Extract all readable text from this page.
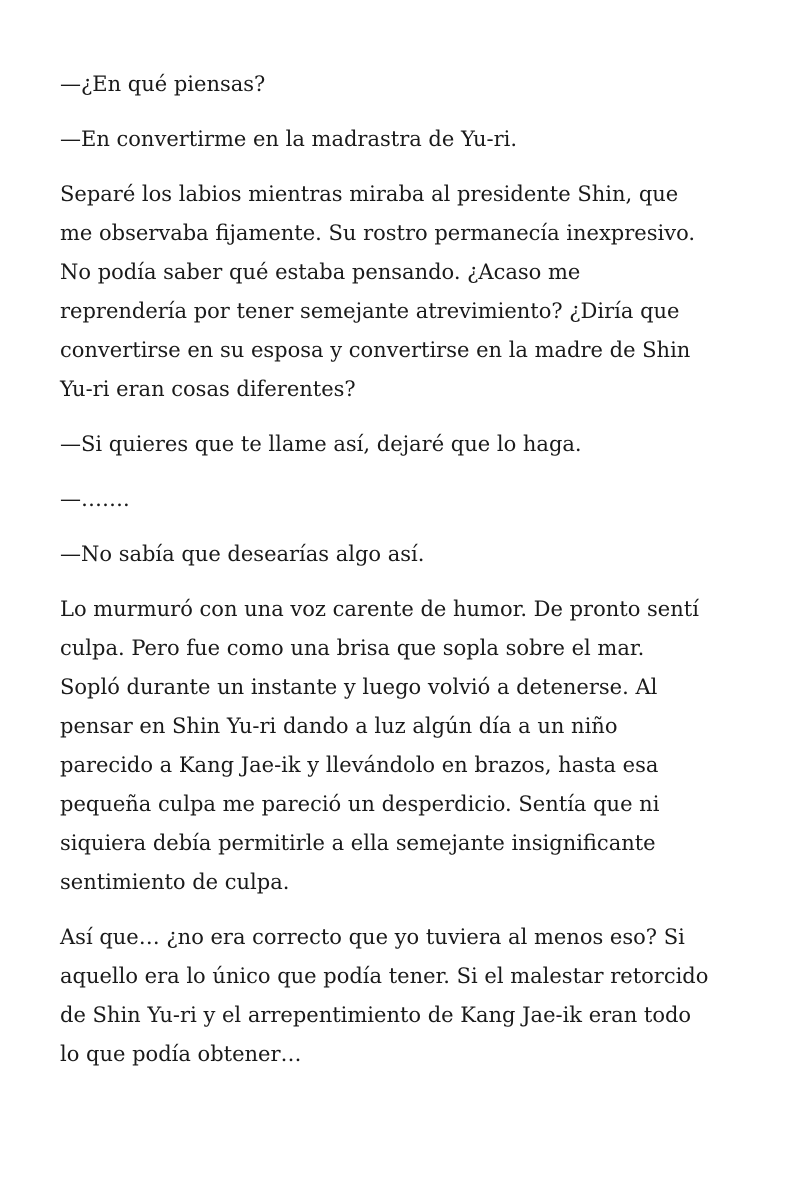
—¿En qué piensas?

—En convertirme en la madrastra de Yu-ri.

Separé los labios mientras miraba al presidente Shin, que
me observaba fijamente. Su rostro permanecía inexpresivo.
No podía saber qué estaba pensando. ¿Acaso me
reprendería por tener semejante atrevimiento? ¿Diría que
convertirse en su esposa y convertirse en la madre de Shin
Yu-ri eran cosas diferentes?

—Si quieres que te llame así, dejaré que lo haga.

—…….

—No sabía que desearías algo así.

Lo murmuró con una voz carente de humor. De pronto sentí
culpa. Pero fue como una brisa que sopla sobre el mar.
Sopló durante un instante y luego volvió a detenerse. Al
pensar en Shin Yu-ri dando a luz algún día a un niño
parecido a Kang Jae-ik y llevándolo en brazos, hasta esa
pequeña culpa me pareció un desperdicio. Sentía que ni
siquiera debía permitirle a ella semejante insignificante
sentimiento de culpa.

Así que… ¿no era correcto que yo tuviera al menos eso? Si
aquello era lo único que podía tener. Si el malestar retorcido
de Shin Yu-ri y el arrepentimiento de Kang Jae-ik eran todo
lo que podía obtener…
